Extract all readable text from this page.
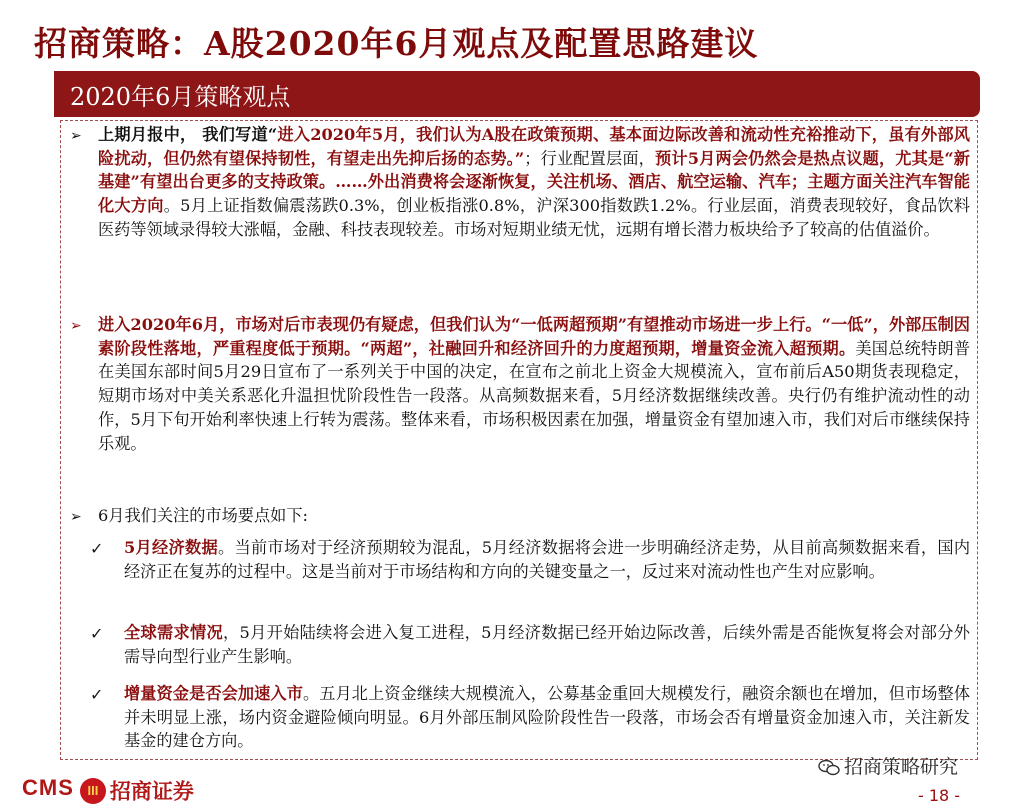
招商策略：A股2020年6月观点及配置思路建议
2020年6月策略观点
➢ 上期月报中， 我们写道“进入2020年5月，我们认为A股在政策预期、基本面边际改善和流动性充裕推动下，虽有外部风险扰动，但仍然有望保持韧性，有望走出先抑后扬的态势。”；行业配置层面，预计5月两会仍然会是热点议题，尤其是“新基建”有望出台更多的支持政策。……外出消费将会逐渐恢复，关注机场、酒店、航空运输、汽车；主题方面关注汽车智能化大方向。5月上证指数偏震荡跌0.3%，创业板指涨0.8%，沪深300指数跌1.2%。行业层面，消费表现较好，食品饮料医药等领域录得较大涨幅，金融、科技表现较差。市场对短期业绩无忧，远期有增长潜力板块给予了较高的估值溢价。
➢ 进入2020年6月，市场对后市表现仍有疑虑，但我们认为“一低两超预期”有望推动市场进一步上行。“一低”，外部压制因素阶段性落地，严重程度低于预期。“两超”，社融回升和经济回升的力度超预期，增量资金流入超预期。美国总统特朗普在美国东部时间5月29日宣布了一系列关于中国的决定，在宣布之前北上资金大规模流入，宣布前后A50期货表现稳定，短期市场对中美关系恶化升温担忧阶段性告一段落。从高频数据来看，5月经济数据继续改善。央行仍有维护流动性的动作，5月下旬开始利率快速上行转为震荡。整体来看，市场积极因素在加强，增量资金有望加速入市，我们对后市继续保持乐观。
➢ 6月我们关注的市场要点如下:
✓ 5月经济数据。当前市场对于经济预期较为混乱，5月经济数据将会进一步明确经济走势，从目前高频数据来看，国内经济正在复苏的过程中。这是当前对于市场结构和方向的关键变量之一，反过来对流动性也产生对应影响。
✓ 全球需求情况，5月开始陆续将会进入复工进程，5月经济数据已经开始边际改善，后续外需是否能恢复将会对部分外需导向型行业产生影响。
✓ 增量资金是否会加速入市。五月北上资金继续大规模流入，公募基金重回大规模发行，融资余额也在增加，但市场整体并未明显上涨，场内资金避险倾向明显。6月外部压制风险阶段性告一段落，市场会否有增量资金加速入市，关注新发基金的建仓方向。
CMS III 招商证券
招商策略研究
- 18 -
